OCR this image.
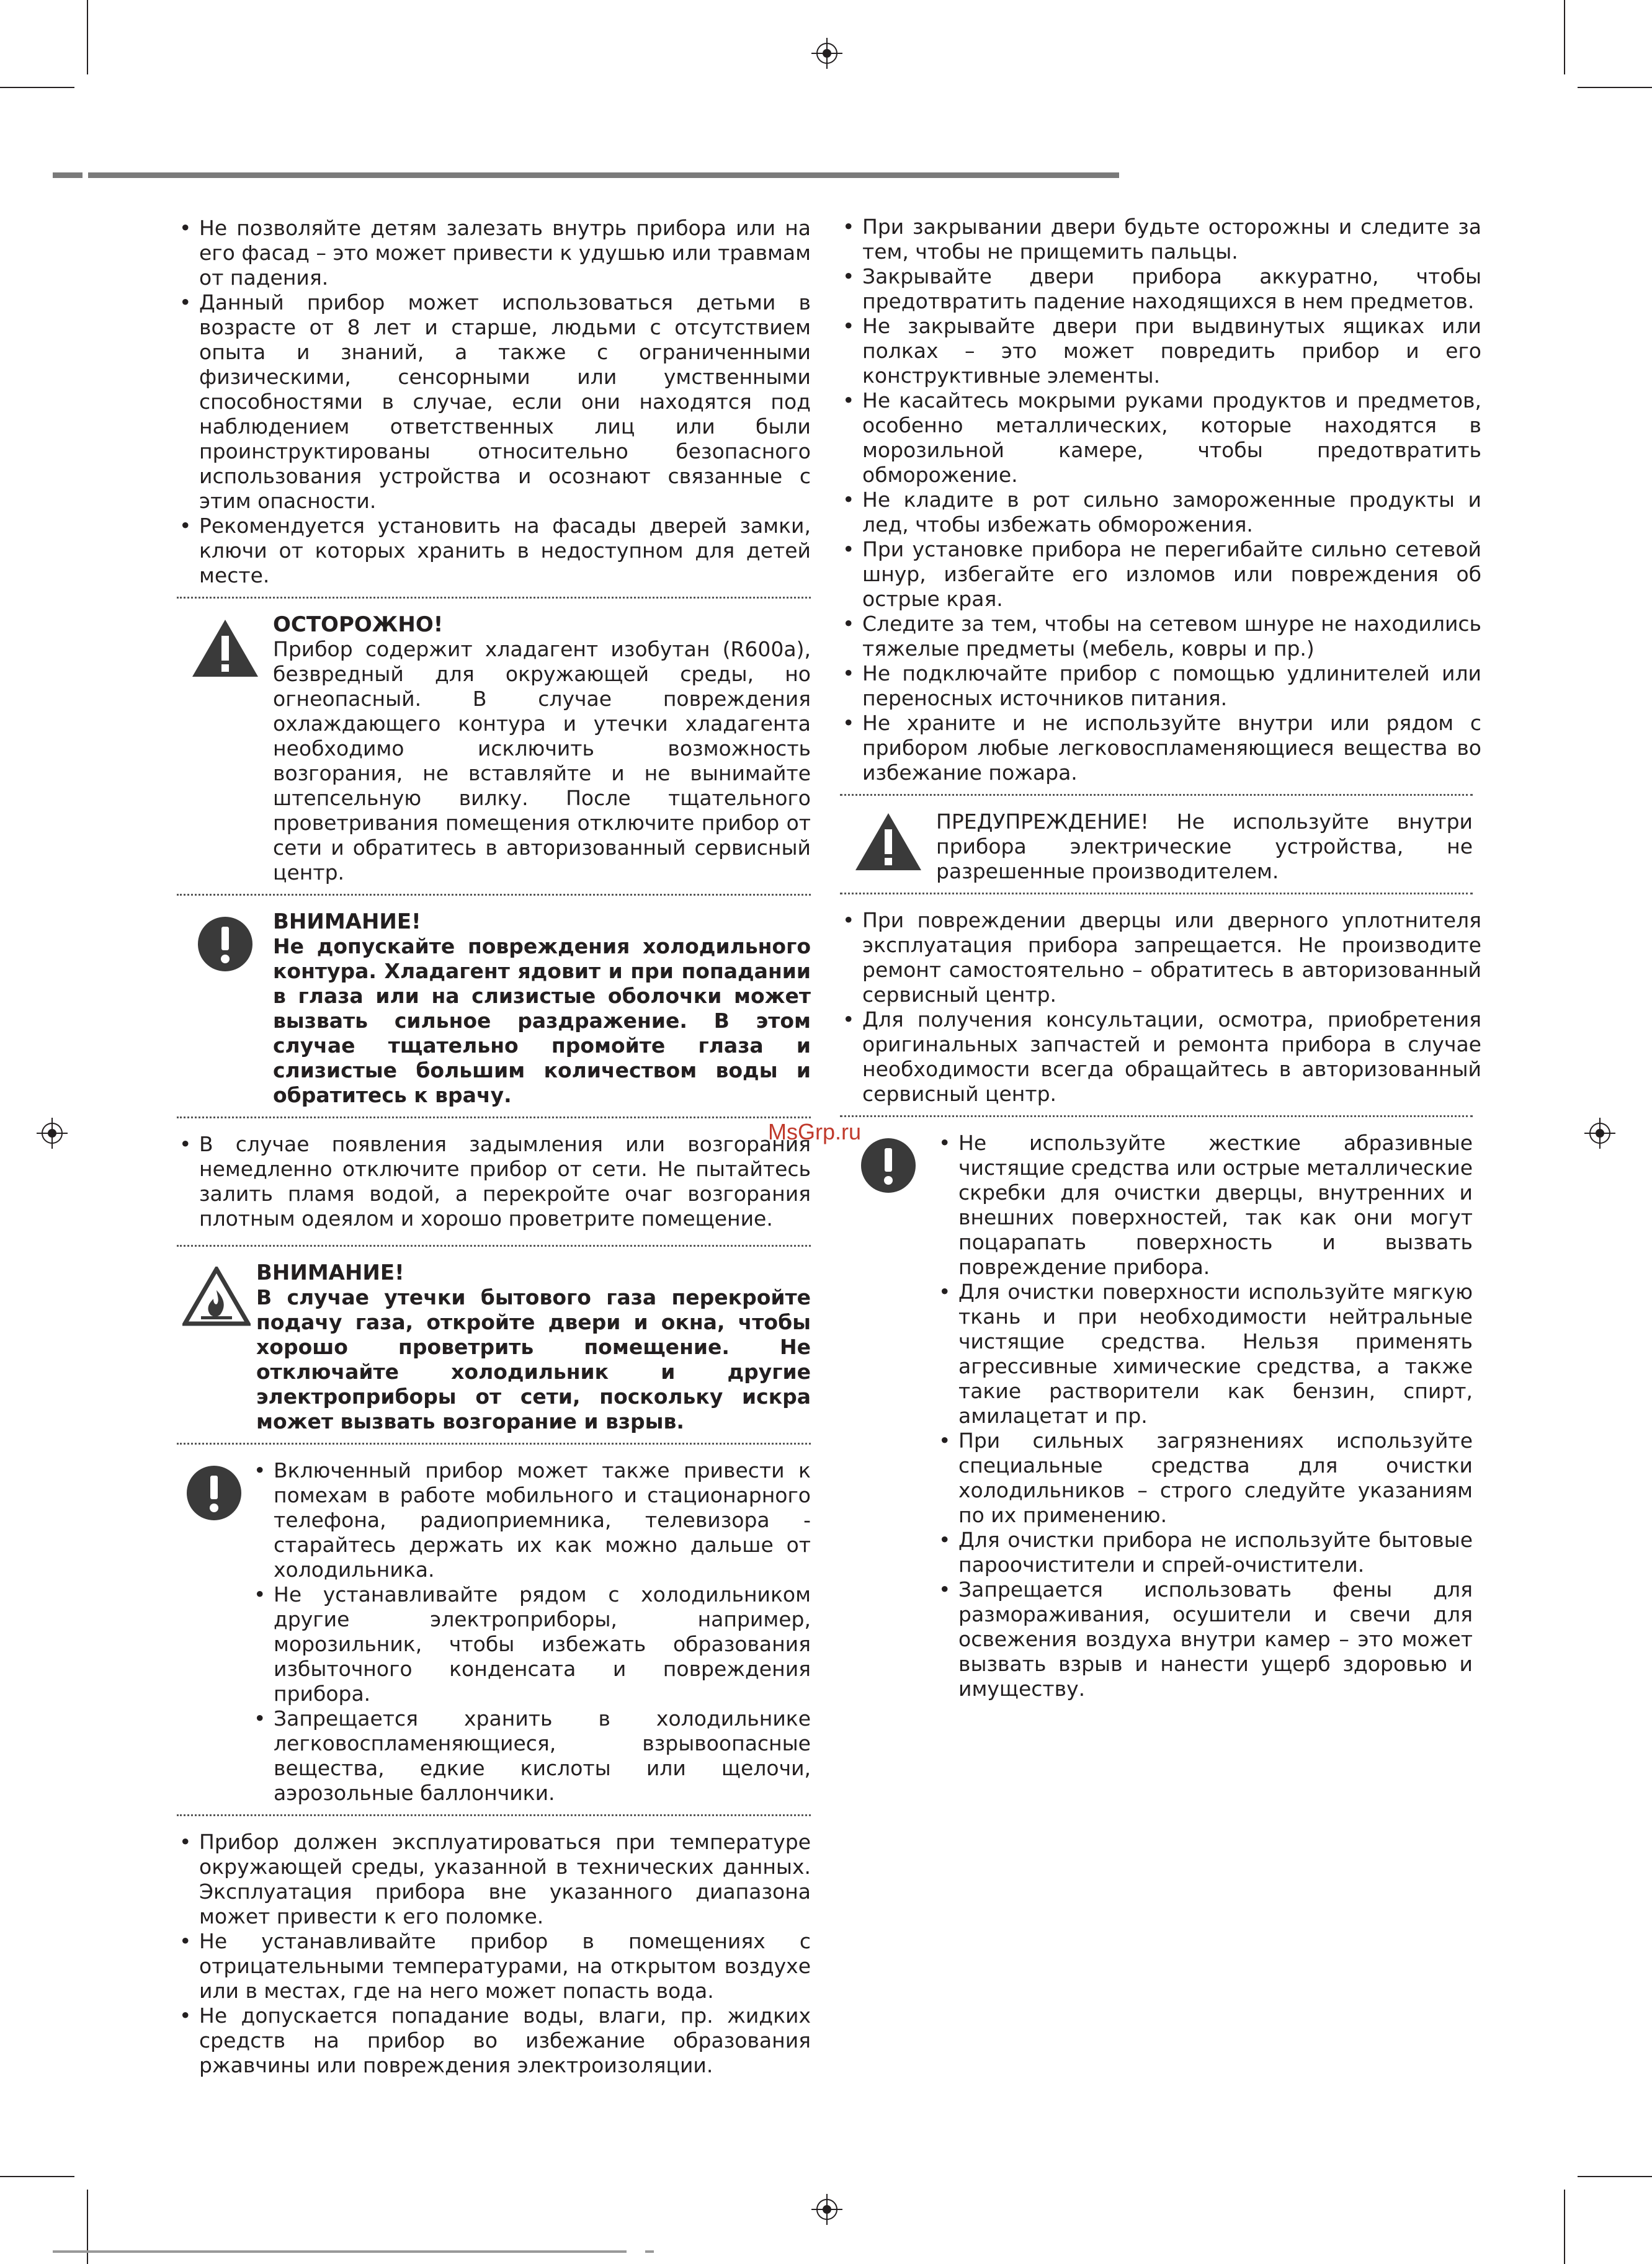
MsGrp.ru
• Не позволяйте детям залезать внутрь прибора или на его фасад – это может привести к удушью или травмам от падения.
• Данный прибор может использоваться детьми в возрасте от 8 лет и старше, людьми с отсутствием опыта и знаний, а также с ограниченными физическими, сенсорными или умственными способностями в случае, если они находятся под наблюдением ответственных лиц или были проинструктированы относительно безопасного использования устройства и осознают связанные с этим опасности.
• Рекомендуется установить на фасады дверей замки, ключи от которых хранить в недоступном для детей месте.
ОСТОРОЖНО!
Прибор содержит хладагент изобутан (R600a), безвредный для окружающей среды, но огнеопасный. В случае повреждения охлаждающего контура и утечки хладагента необходимо исключить возможность возгорания, не вставляйте и не вынимайте штепсельную вилку. После тщательного проветривания помещения отключите прибор от сети и обратитесь в авторизованный сервисный центр.
ВНИМАНИЕ!
Не допускайте повреждения холодильного контура. Хладагент ядовит и при попадании в глаза или на слизистые оболочки может вызвать сильное раздражение. В этом случае тщательно промойте глаза и слизистые большим количеством воды и обратитесь к врачу.
• В случае появления задымления или возгорания немедленно отключите прибор от сети. Не пытайтесь залить пламя водой, а перекройте очаг возгорания плотным одеялом и хорошо проветрите помещение.
ВНИМАНИЕ!
В случае утечки бытового газа перекройте подачу газа, откройте двери и окна, чтобы хорошо проветрить помещение. Не отключайте холодильник и другие электроприборы от сети, поскольку искра может вызвать возгорание и взрыв.
• Включенный прибор может также привести к помехам в работе мобильного и стационарного телефона, радиоприемника, телевизора - старайтесь держать их как можно дальше от холодильника.
• Не устанавливайте рядом с холодильником другие электроприборы, например, морозильник, чтобы избежать образования избыточного конденсата и повреждения прибора.
• Запрещается хранить в холодильнике легковоспламеняющиеся, взрывоопасные вещества, едкие кислоты или щелочи, аэрозольные баллончики.
• Прибор должен эксплуатироваться при температуре окружающей среды, указанной в технических данных. Эксплуатация прибора вне указанного диапазона может привести к его поломке.
• Не устанавливайте прибор в помещениях с отрицательными температурами, на открытом воздухе или в местах, где на него может попасть вода.
• Не допускается попадание воды, влаги, пр. жидких средств на прибор во избежание образования ржавчины или повреждения электроизоляции.
• При закрывании двери будьте осторожны и следите за тем, чтобы не прищемить пальцы.
• Закрывайте двери прибора аккуратно, чтобы предотвратить падение находящихся в нем предметов.
• Не закрывайте двери при выдвинутых ящиках или полках – это может повредить прибор и его конструктивные элементы.
• Не касайтесь мокрыми руками продуктов и предметов, особенно металлических, которые находятся в морозильной камере, чтобы предотвратить обморожение.
• Не кладите в рот сильно замороженные продукты и лед, чтобы избежать обморожения.
• При установке прибора не перегибайте сильно сетевой шнур, избегайте его изломов или повреждения об острые края.
• Следите за тем, чтобы на сетевом шнуре не находились тяжелые предметы (мебель, ковры и пр.)
• Не подключайте прибор с помощью удлинителей или переносных источников питания.
• Не храните и не используйте внутри или рядом с прибором любые легковоспламеняющиеся вещества во избежание пожара.
ПРЕДУПРЕЖДЕНИЕ! Не используйте внутри прибора электрические устройства, не разрешенные производителем.
• При повреждении дверцы или дверного уплотнителя эксплуатация прибора запрещается. Не производите ремонт самостоятельно – обратитесь в авторизованный сервисный центр.
• Для получения консультации, осмотра, приобретения оригинальных запчастей и ремонта прибора в случае необходимости всегда обращайтесь в авторизованный сервисный центр.
• Не используйте жесткие абразивные чистящие средства или острые металлические скребки для очистки дверцы, внутренних и внешних поверхностей, так как они могут поцарапать поверхность и вызвать повреждение прибора.
• Для очистки поверхности используйте мягкую ткань и при необходимости нейтральные чистящие средства. Нельзя применять агрессивные химические средства, а также такие растворители как бензин, спирт, амилацетат и пр.
• При сильных загрязнениях используйте специальные средства для очистки холодильников – строго следуйте указаниям по их применению.
• Для очистки прибора не используйте бытовые пароочистители и спрей-очистители.
• Запрещается использовать фены для размораживания, осушители и свечи для освежения воздуха внутри камер – это может вызвать взрыв и нанести ущерб здоровью и имуществу.
